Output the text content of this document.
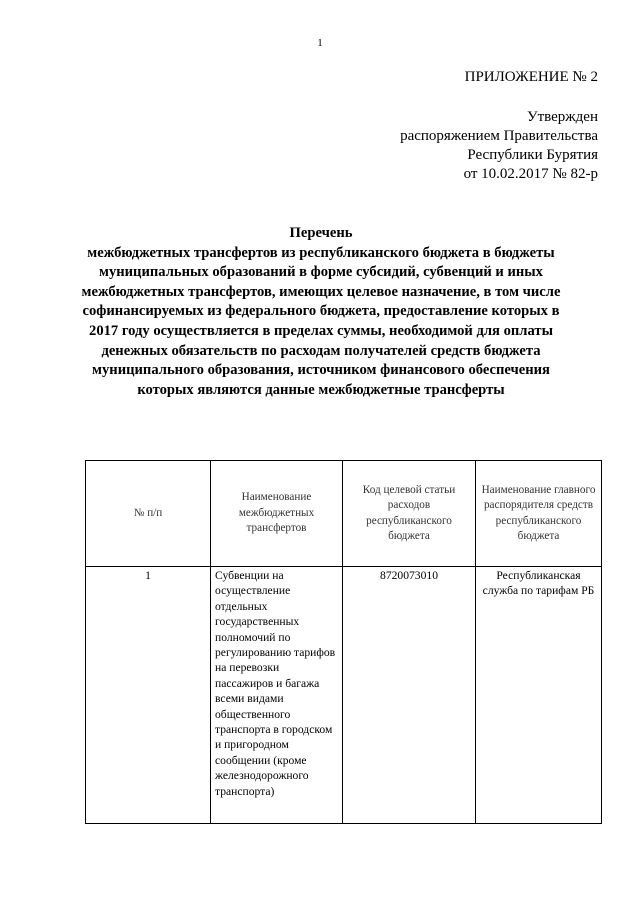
1
ПРИЛОЖЕНИЕ № 2
Утвержден
распоряжением Правительства
Республики Бурятия
от 10.02.2017 № 82-р
Перечень
межбюджетных трансфертов из республиканского бюджета в бюджеты
муниципальных образований в форме субсидий, субвенций и иных
межбюджетных трансфертов, имеющих целевое назначение, в том числе
софинансируемых из федерального бюджета, предоставление которых в
2017 году осуществляется в пределах суммы, необходимой для оплаты
денежных обязательств по расходам получателей средств бюджета
муниципального образования, источником финансового обеспечения
которых являются данные межбюджетные трансферты
№ п/п	Наименование межбюджетных трансфертов	Код целевой статьи расходов республиканского бюджета	Наименование главного распорядителя средств республиканского бюджета
1	Субвенции на осуществление отдельных государственных полномочий по регулированию тарифов на перевозки пассажиров и багажа всеми видами общественного транспорта в городском и пригородном сообщении (кроме железнодорожного транспорта)	8720073010	Республиканская служба по тарифам РБ
